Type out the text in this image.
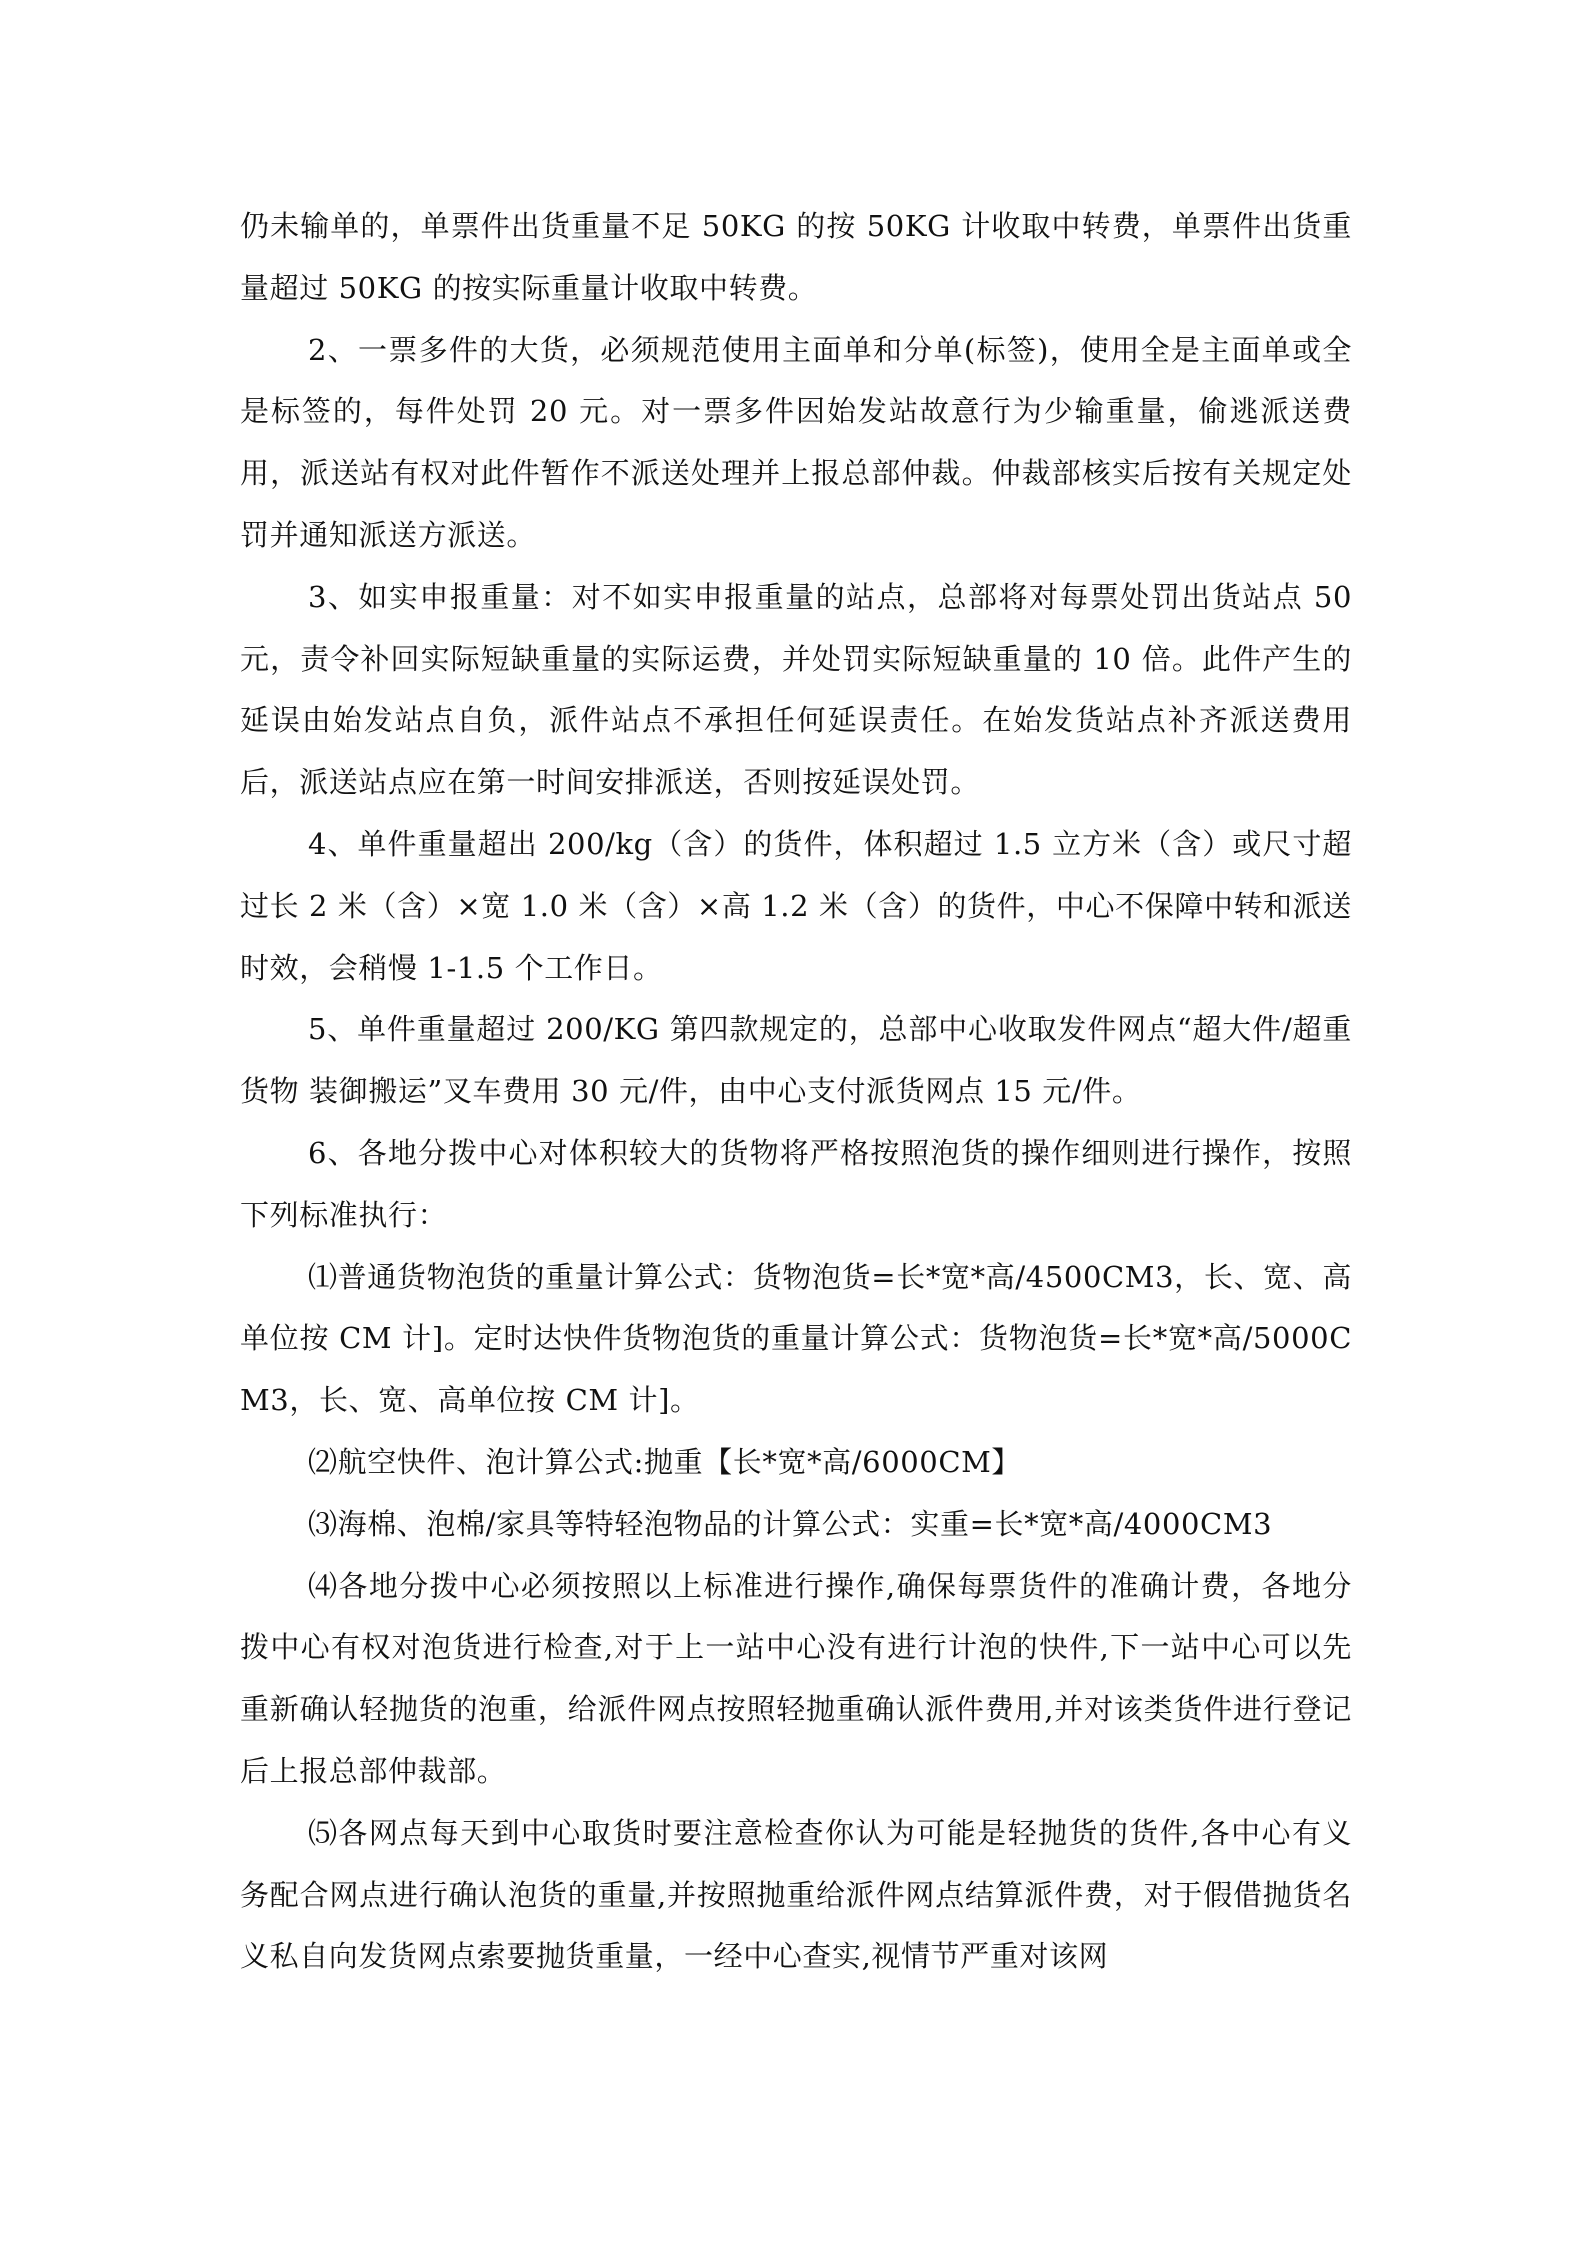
仍未输单的，单票件出货重量不足 50KG 的按 50KG 计收取中转费，单票件出货重量超过 50KG 的按实际重量计收取中转费。

2、一票多件的大货，必须规范使用主面单和分单(标签)，使用全是主面单或全是标签的，每件处罚 20 元。对一票多件因始发站故意行为少输重量，偷逃派送费用，派送站有权对此件暂作不派送处理并上报总部仲裁。仲裁部核实后按有关规定处罚并通知派送方派送。

3、如实申报重量：对不如实申报重量的站点，总部将对每票处罚出货站点 50 元，责令补回实际短缺重量的实际运费，并处罚实际短缺重量的 10 倍。此件产生的延误由始发站点自负，派件站点不承担任何延误责任。在始发货站点补齐派送费用后，派送站点应在第一时间安排派送，否则按延误处罚。

4、单件重量超出 200/kg（含）的货件，体积超过 1.5 立方米（含）或尺寸超过长 2 米（含）×宽 1.0 米（含）×高 1.2 米（含）的货件，中心不保障中转和派送时效，会稍慢 1-1.5 个工作日。

5、单件重量超过 200/KG 第四款规定的，总部中心收取发件网点“超大件/超重货物 装御搬运”叉车费用 30 元/件，由中心支付派货网点 15 元/件。

6、各地分拨中心对体积较大的货物将严格按照泡货的操作细则进行操作，按照下列标准执行：

⑴普通货物泡货的重量计算公式：货物泡货=长*宽*高/4500CM3，长、宽、高单位按 CM 计]。定时达快件货物泡货的重量计算公式：货物泡货=长*宽*高/5000CM3，长、宽、高单位按 CM 计]。

⑵航空快件、泡计算公式:抛重【长*宽*高/6000CM】

⑶海棉、泡棉/家具等特轻泡物品的计算公式：实重=长*宽*高/4000CM3

⑷各地分拨中心必须按照以上标准进行操作,确保每票货件的准确计费，各地分拨中心有权对泡货进行检查,对于上一站中心没有进行计泡的快件,下一站中心可以先重新确认轻抛货的泡重，给派件网点按照轻抛重确认派件费用,并对该类货件进行登记后上报总部仲裁部。

⑸各网点每天到中心取货时要注意检查你认为可能是轻抛货的货件,各中心有义务配合网点进行确认泡货的重量,并按照抛重给派件网点结算派件费，对于假借抛货名义私自向发货网点索要抛货重量，一经中心查实,视情节严重对该网
